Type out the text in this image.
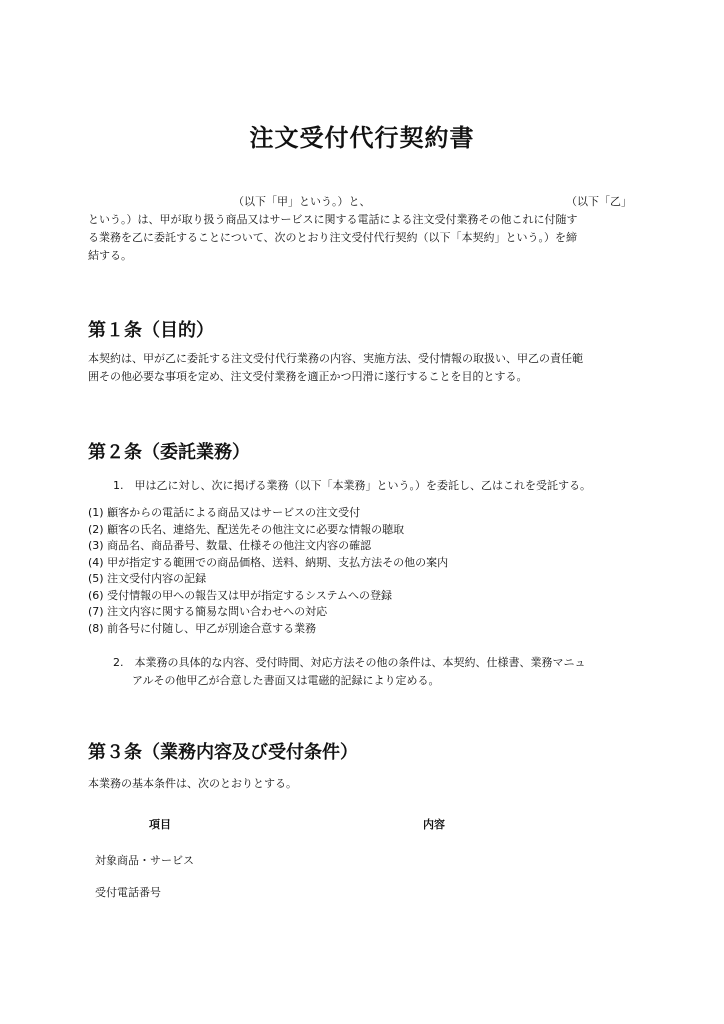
注文受付代行契約書
（以下「甲」という。）と、	（以下「乙」
という。）は、甲が取り扱う商品又はサービスに関する電話による注文受付業務その他これに付随す
る業務を乙に委託することについて、次のとおり注文受付代行契約（以下「本契約」という。）を締
結する。
第１条（目的）
本契約は、甲が乙に委託する注文受付代行業務の内容、実施方法、受付情報の取扱い、甲乙の責任範
囲その他必要な事項を定め、注文受付業務を適正かつ円滑に遂行することを目的とする。
第２条（委託業務）
1.　甲は乙に対し、次に掲げる業務（以下「本業務」という。）を委託し、乙はこれを受託する。
(1) 顧客からの電話による商品又はサービスの注文受付
(2) 顧客の氏名、連絡先、配送先その他注文に必要な情報の聴取
(3) 商品名、商品番号、数量、仕様その他注文内容の確認
(4) 甲が指定する範囲での商品価格、送料、納期、支払方法その他の案内
(5) 注文受付内容の記録
(6) 受付情報の甲への報告又は甲が指定するシステムへの登録
(7) 注文内容に関する簡易な問い合わせへの対応
(8) 前各号に付随し、甲乙が別途合意する業務
2.　本業務の具体的な内容、受付時間、対応方法その他の条件は、本契約、仕様書、業務マニュ
アルその他甲乙が合意した書面又は電磁的記録により定める。
第３条（業務内容及び受付条件）
本業務の基本条件は、次のとおりとする。
項目	内容
対象商品・サービス
受付電話番号
